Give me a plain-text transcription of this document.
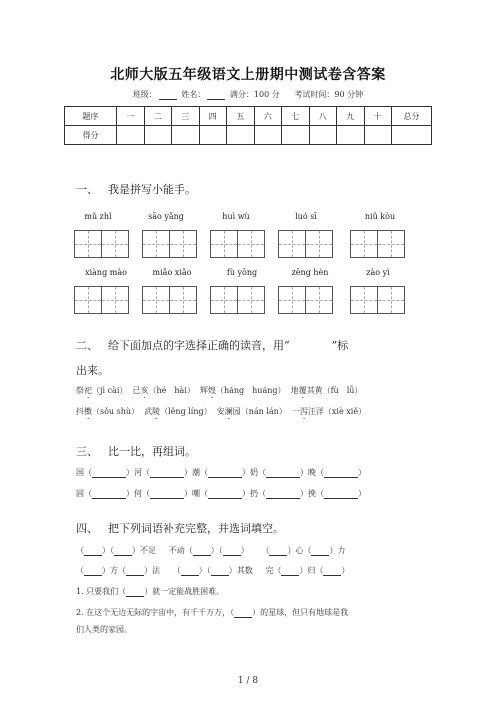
北师大版五年级语文上册期中测试卷含答案
班级：	姓名：	满分：100 分 考试时间：90 分钟
题序	一	二	三	四	五	六	七	八	九	十	总分
得分											
一、 我是拼写小能手。
mǔ zhǐ	sāo yǎng	huì wù	luó sī	niǔ kòu
xiàng mào	miǎo xiǎo	fù yōng	zēng hèn	zào yì
二、 给下面加点的字选择正确的读音，用“	”标
出来。
祭祀（jì cài） 已亥（hé　hài） 辉煌（háng　huáng） 地覆其黄（fù　lǚ）
抖擞（sǒu shù） 武陵（lěng líng） 安澜园（nán lán） 一泻汪洋（xiè xiě）
三、 比一比，再组词。
国（	）河（	）潮（	）奶（	）晚（	）
固（	）何（	）嘲（	）扔（	）挽（	）
四、 把下列词语补充完整，并选词填空。
（ ）（ ）不足 不动（ ）（ ） （ ）心（ ）力
（ ）方（ ）法 （ ）（ ）其数 完（ ）归（ ）
1. 只要我们（ ）就一定能战胜困难。
2. 在这个无边无际的宇宙中，有千千万万，（ ）的星球，但只有地球是我
们人类的家园。
1 / 8
